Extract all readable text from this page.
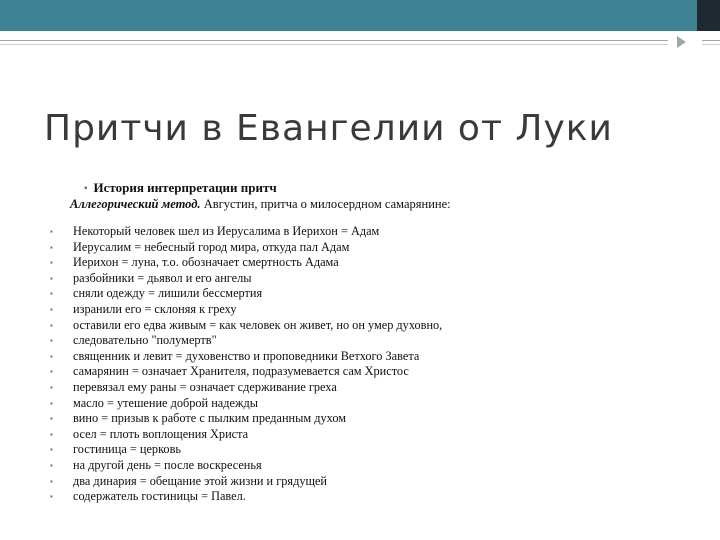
Притчи в Евангелии от Луки
▪ История интерпретации притч
Аллегорический метод. Августин, притча о милосердном самарянине:
▪ Некоторый человек шел из Иерусалима в Иерихон = Адам
▪ Иерусалим = небесный город мира, откуда пал Адам
▪ Иерихон = луна, т.о. обозначает смертность Адама
▪ разбойники = дьявол и его ангелы
▪ сняли одежду = лишили бессмертия
▪ изранили его = склоняя к греху
▪ оставили его едва живым = как человек он живет, но он умер духовно,
▪ следовательно "полумертв"
▪ священник и левит = духовенство и проповедники Ветхого Завета
▪ самарянин = означает Хранителя, подразумевается сам Христос
▪ перевязал ему раны = означает сдерживание греха
▪ масло = утешение доброй надежды
▪ вино = призыв к работе с пылким преданным духом
▪ осел = плоть воплощения Христа
▪ гостиница = церковь
▪ на другой день = после воскресенья
▪ два динария = обещание этой жизни и грядущей
▪ содержатель гостиницы = Павел.
